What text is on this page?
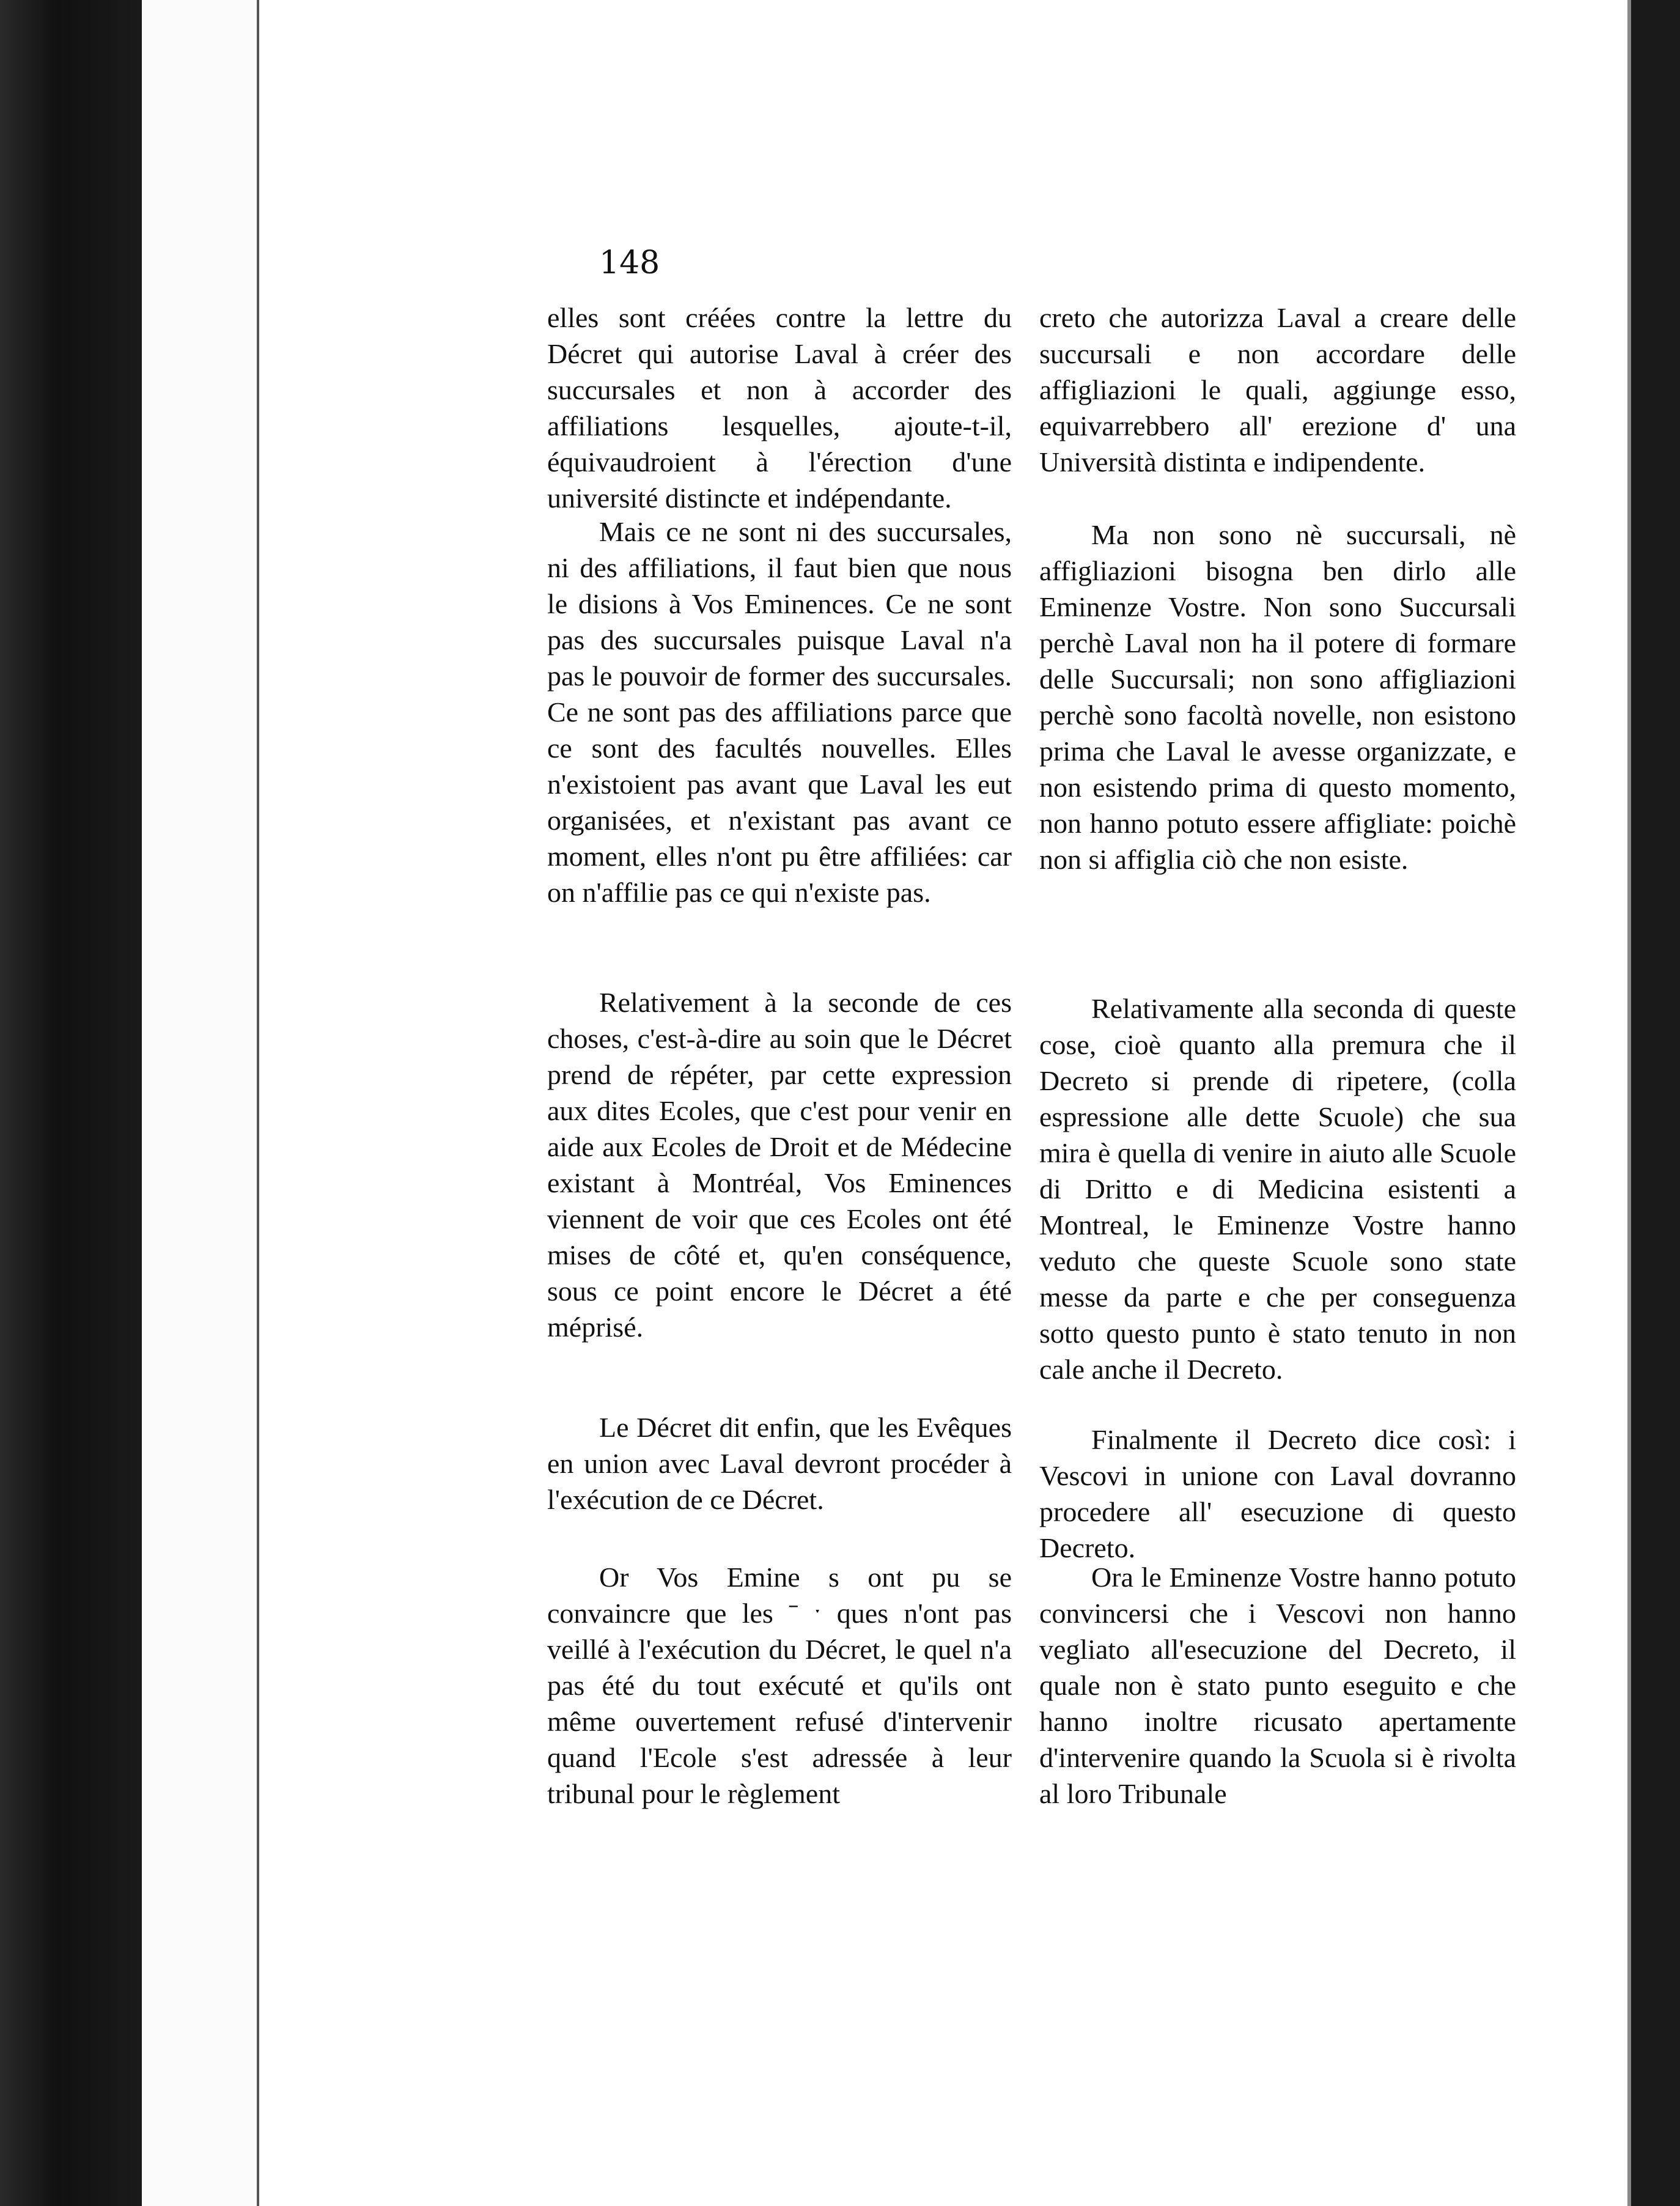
148

elles sont créées contre la lettre du Décret qui autorise Laval à créer des succursales et non à accorder des affiliations lesquelles, ajoute-t-il, équivaudroient à l'érection d'une université distincte et indépendante.

Mais ce ne sont ni des succursales, ni des affiliations, il faut bien que nous le disions à Vos Eminences. Ce ne sont pas des succursales puisque Laval n'a pas le pouvoir de former des succursales. Ce ne sont pas des affiliations parce que ce sont des facultés nouvelles. Elles n'existoient pas avant que Laval les eut organisées, et n'existant pas avant ce moment, elles n'ont pu être affiliées: car on n'affilie pas ce qui n'existe pas.

Relativement à la seconde de ces choses, c'est-à-dire au soin que le Décret prend de répéter, par cette expression aux dites Ecoles, que c'est pour venir en aide aux Ecoles de Droit et de Médecine existant à Montréal, Vos Eminences viennent de voir que ces Ecoles ont été mises de côté et, qu'en conséquence, sous ce point encore le Décret a été méprisé.

Le Décret dit enfin, que les Evêques en union avec Laval devront procéder à l'exécution de ce Décret.

Or Vos Emine s ont pu se convaincre que les ˉ ˑ ques n'ont pas veillé à l'exécution du Décret, le quel n'a pas été du tout exécuté et qu'ils ont même ouvertement refusé d'intervenir quand l'Ecole s'est adressée à leur tribunal pour le règlement

creto che autorizza Laval a creare delle succursali e non accordare delle affigliazioni le quali, aggiunge esso, equivarrebbero all' erezione d' una Università distinta e indipendente.

Ma non sono nè succursali, nè affigliazioni bisogna ben dirlo alle Eminenze Vostre. Non sono Succursali perchè Laval non ha il potere di formare delle Succursali; non sono affigliazioni perchè sono facoltà novelle, non esistono prima che Laval le avesse organizzate, e non esistendo prima di questo momento, non hanno potuto essere affigliate: poichè non si affiglia ciò che non esiste.

Relativamente alla seconda di queste cose, cioè quanto alla premura che il Decreto si prende di ripetere, (colla espressione alle dette Scuole) che sua mira è quella di venire in aiuto alle Scuole di Dritto e di Medicina esistenti a Montreal, le Eminenze Vostre hanno veduto che queste Scuole sono state messe da parte e che per conseguenza sotto questo punto è stato tenuto in non cale anche il Decreto.

Finalmente il Decreto dice così: i Vescovi in unione con Laval dovranno procedere all' esecuzione di questo Decreto.

Ora le Eminenze Vostre hanno potuto convincersi che i Vescovi non hanno vegliato all'esecuzione del Decreto, il quale non è stato punto eseguito e che hanno inoltre ricusato apertamente d'intervenire quando la Scuola si è rivolta al loro Tribunale
